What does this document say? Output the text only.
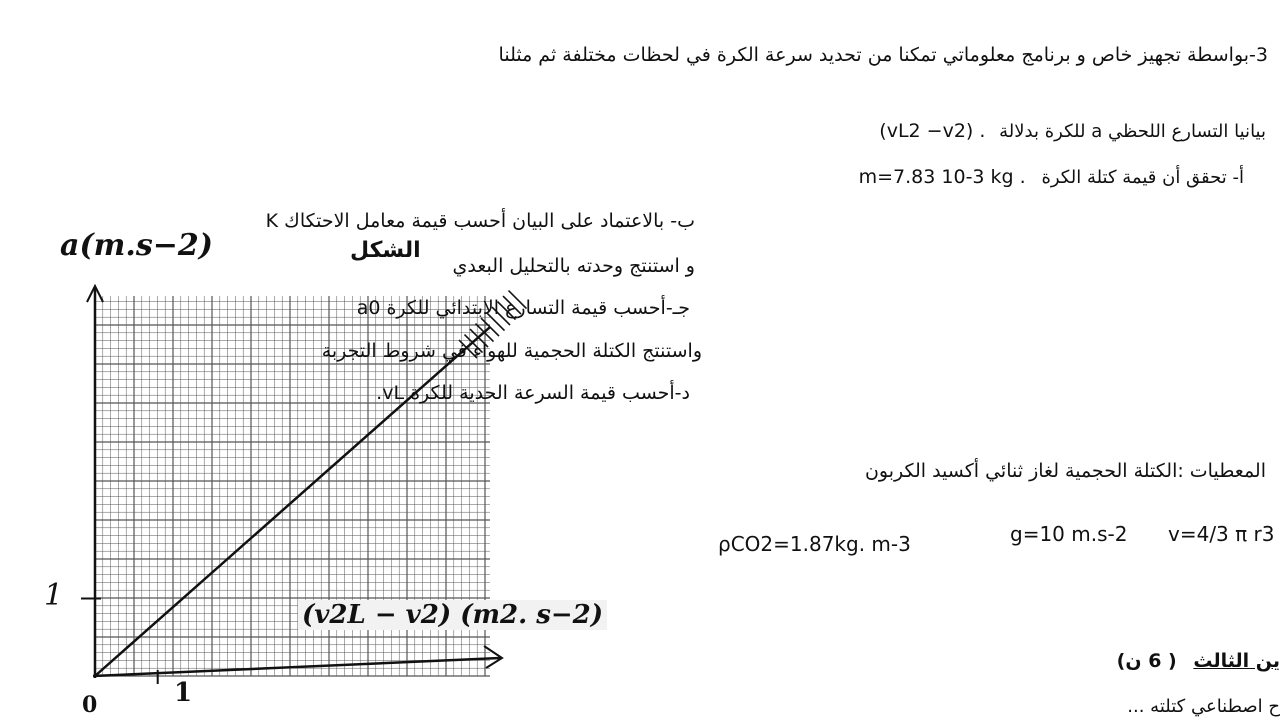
a(m.s−2)	الشكل
(v2L − v2) (m2. s−2)
0	1
1
3-بواسطة تجهيز خاص و برنامج معلوماتي تمكنا من تحديد سرعة الكرة في لحظات مختلفة ثم مثلنا
بيانيا التسارع اللحظي a للكرة بدلالة (vL2 −v2) .
أ- تحقق أن قيمة كتلة الكرة m=7.83 10-3 kg .
ب- بالاعتماد على البيان أحسب قيمة معامل الاحتكاك K
و استنتج وحدته بالتحليل البعدي
جـ-أحسب قيمة التسارع الابتدائي للكرة a0
واستنتج الكتلة الحجمية للهواء في شروط التجربة
د-أحسب قيمة السرعة الحدية للكرة vL.
المعطيات :الكتلة الحجمية لغاز ثنائي أكسيد الكربون
ρCO2=1.87kg. m-3	g=10 m.s-2 v=4/3 π r3
ين الثالث ( 6 ن)
ح اصطناعي كتلته ...
